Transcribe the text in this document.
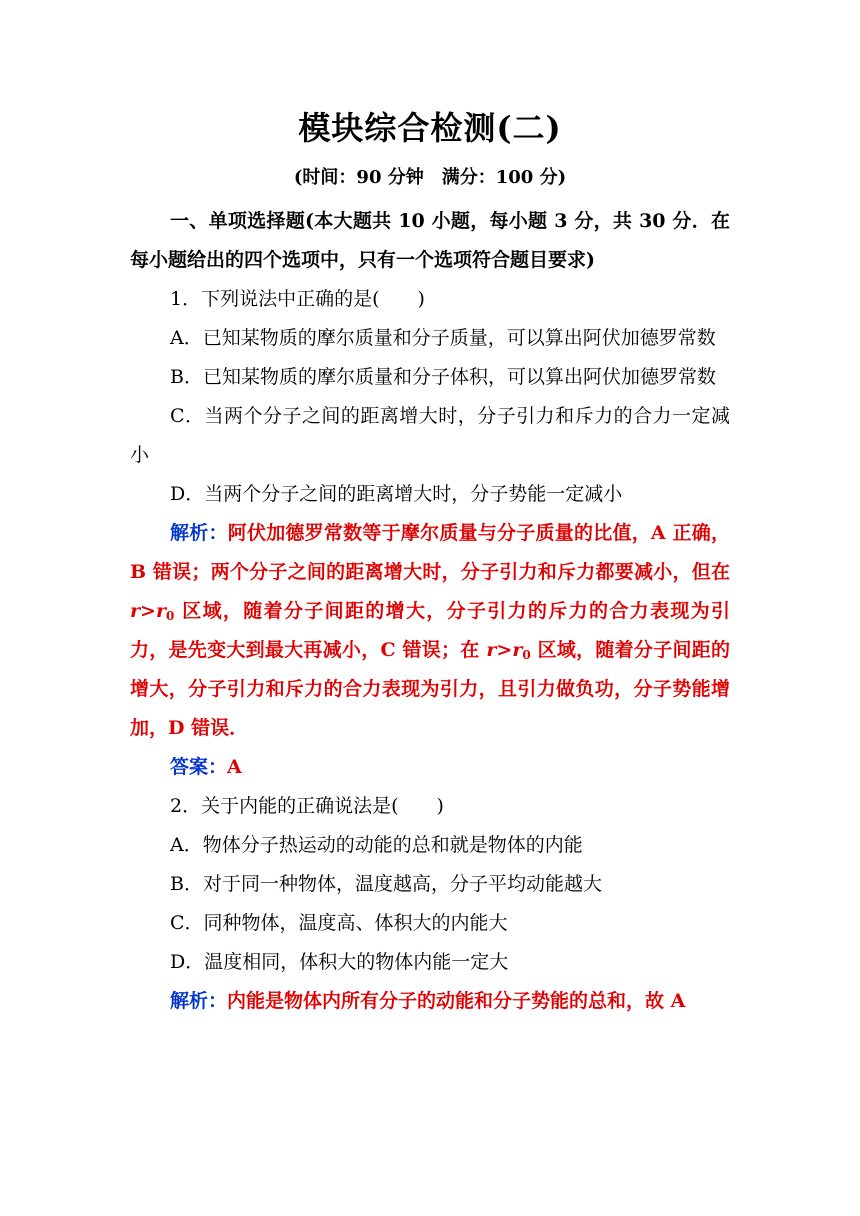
模块综合检测(二)
(时间：90 分钟　满分：100 分)

一、单项选择题(本大题共 10 小题，每小题 3 分，共 30 分．在每小题给出的四个选项中，只有一个选项符合题目要求)

1．下列说法中正确的是(　　)

A．已知某物质的摩尔质量和分子质量，可以算出阿伏加德罗常数

B．已知某物质的摩尔质量和分子体积，可以算出阿伏加德罗常数

C．当两个分子之间的距离增大时，分子引力和斥力的合力一定减小

D．当两个分子之间的距离增大时，分子势能一定减小

解析：阿伏加德罗常数等于摩尔质量与分子质量的比值，A 正确，B 错误；两个分子之间的距离增大时，分子引力和斥力都要减小，但在 $r>r_0$ 区域，随着分子间距的增大，分子引力的斥力的合力表现为引力，是先变大到最大再减小，C 错误；在 $r>r_0$ 区域，随着分子间距的增大，分子引力和斥力的合力表现为引力，且引力做负功，分子势能增加，D 错误．

答案：A

2．关于内能的正确说法是(　　)

A．物体分子热运动的动能的总和就是物体的内能

B．对于同一种物体，温度越高，分子平均动能越大

C．同种物体，温度高、体积大的内能大

D．温度相同，体积大的物体内能一定大

解析：内能是物体内所有分子的动能和分子势能的总和，故 A
